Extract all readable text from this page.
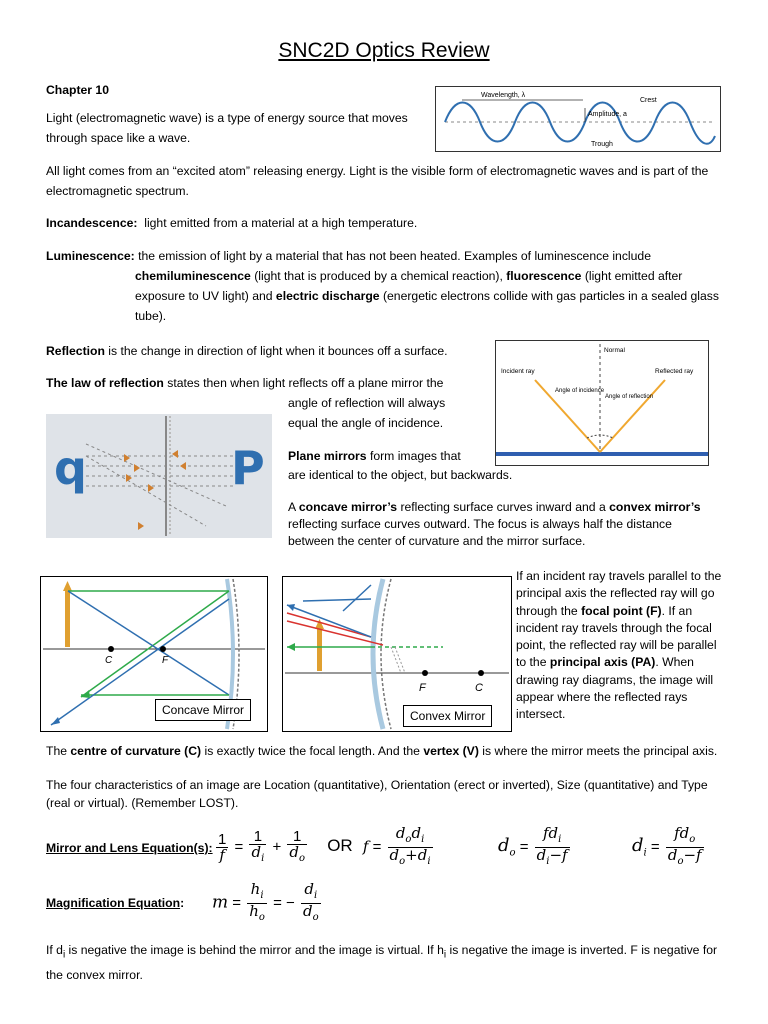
SNC2D Optics Review
Chapter 10
Light (electromagnetic wave) is a type of energy source that moves through space like a wave.
Wavelength, λ
Crest
Amplitude, a
Trough
All light comes from an “excited atom” releasing energy. Light is the visible form of electromagnetic waves and is part of the electromagnetic spectrum.
Incandescence: light emitted from a material at a high temperature.
Luminescence: the emission of light by a material that has not been heated. Examples of luminescence include
chemiluminescence (light that is produced by a chemical reaction), fluorescence (light emitted after exposure to UV light) and electric discharge (energetic electrons collide with gas particles in a sealed glass tube).
Reflection is the change in direction of light when it bounces off a surface.	Normal
Incident ray	Reflected ray
Angle of incidence
Angle of reflection
The law of reflection states then when light reflects off a plane mirror the
angle of reflection will always
equal the angle of incidence.
q	P Plane mirrors form images that
are identical to the object, but backwards.
A concave mirror’s reflecting surface curves inward and a convex mirror’s reflecting surface curves outward. The focus is always half the distance between the center of curvature and the mirror surface.
C	F
Concave Mirror
F	C
Convex Mirror
If an incident ray travels parallel to the principal axis the reflected ray will go through the focal point (F). If an incident ray travels through the focal point, the reflected ray will be parallel to the principal axis (PA). When drawing ray diagrams, the image will appear where the reflected rays intersect.
The centre of curvature (C) is exactly twice the focal length. And the vertex (V) is where the mirror meets the principal axis.
The four characteristics of an image are Location (quantitative), Orientation (erect or inverted), Size (quantitative) and Type (real or virtual). (Remember LOST).
Mirror and Lens Equation(s): $\frac{1}{f} = \frac{1}{d_i} + \frac{1}{d_o}$ OR $f = \frac{d_od_i}{d_o+d_i}$	$d_o = \frac{fd_i}{d_i-f}$	$d_i = \frac{fd_o}{d_o-f}$
Magnification Equation: $m = \frac{h_i}{h_o}$ = − $\frac{d_i}{d_o}$
If $d_i$ is negative the image is behind the mirror and the image is virtual. If $h_i$ is negative the image is inverted. F is negative for the convex mirror.
